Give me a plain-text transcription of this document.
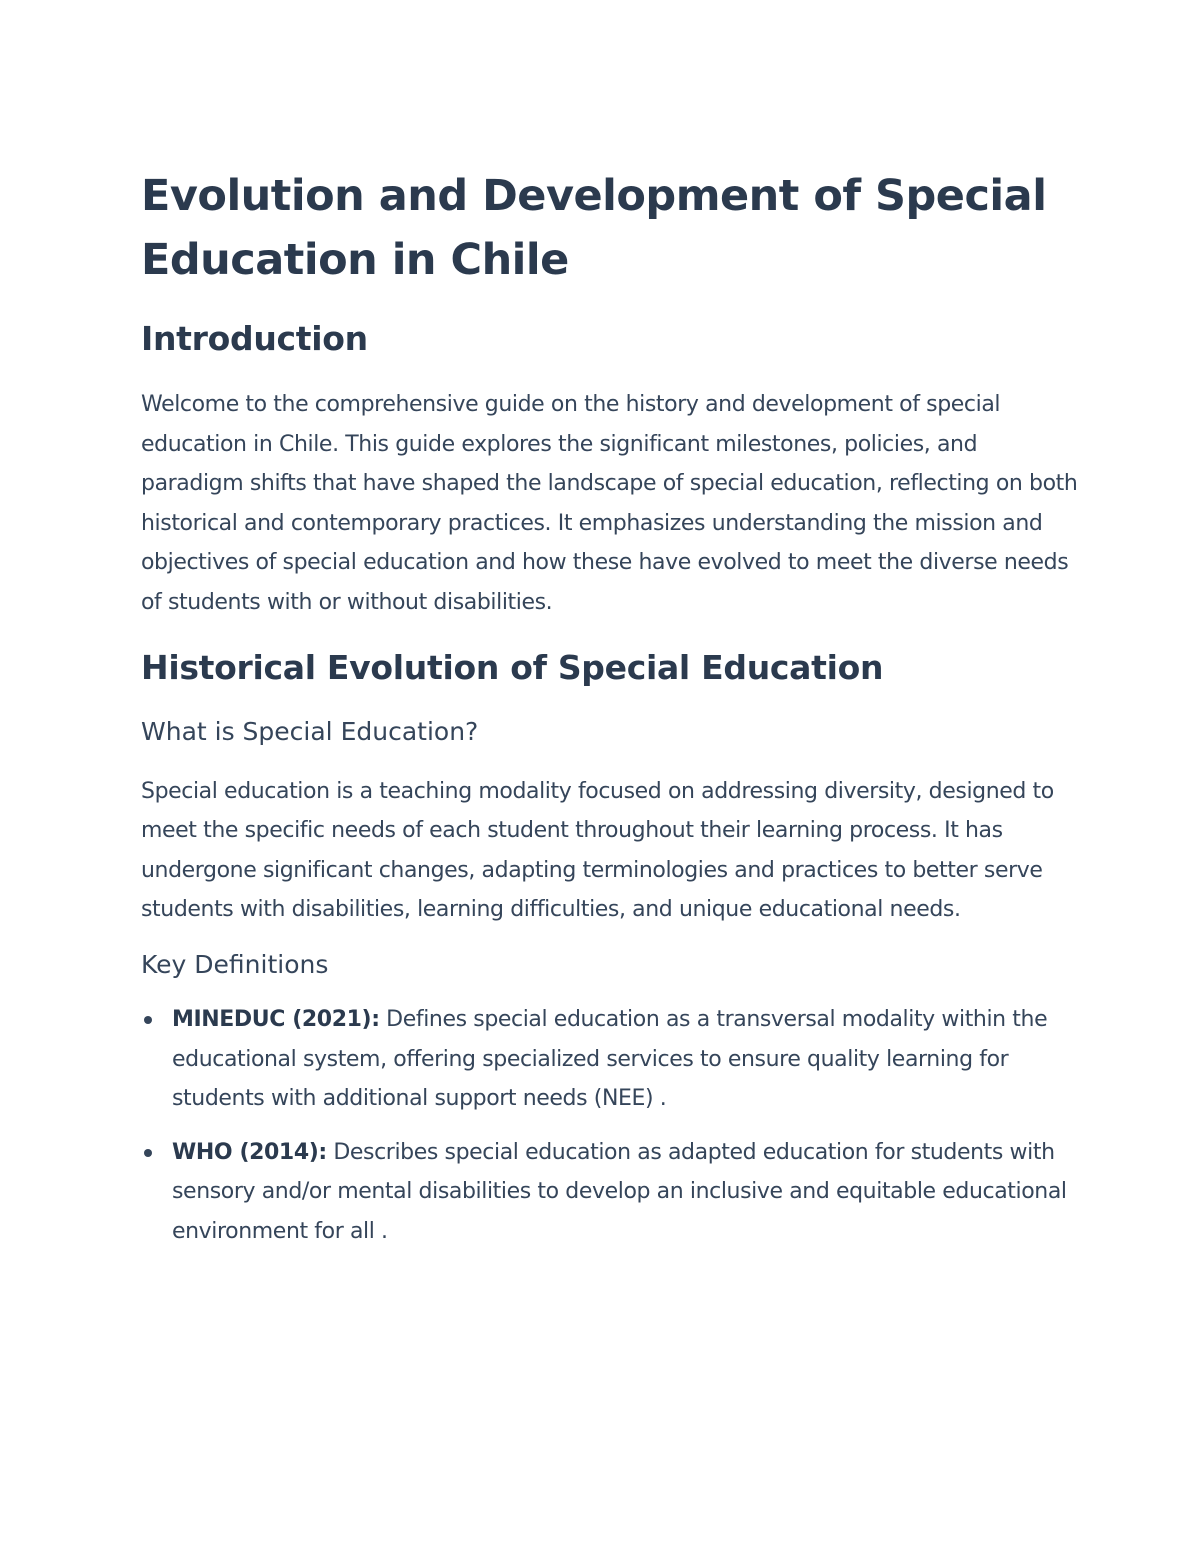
Evolution and Development of Special Education in Chile
Introduction

Welcome to the comprehensive guide on the history and development of special education in Chile. This guide explores the significant milestones, policies, and paradigm shifts that have shaped the landscape of special education, reflecting on both historical and contemporary practices. It emphasizes understanding the mission and objectives of special education and how these have evolved to meet the diverse needs of students with or without disabilities.

Historical Evolution of Special Education
What is Special Education?

Special education is a teaching modality focused on addressing diversity, designed to meet the specific needs of each student throughout their learning process. It has undergone significant changes, adapting terminologies and practices to better serve students with disabilities, learning difficulties, and unique educational needs.

Key Definitions
MINEDUC (2021): Defines special education as a transversal modality within the educational system, offering specialized services to ensure quality learning for students with additional support needs (NEE) .
WHO (2014): Describes special education as adapted education for students with sensory and/or mental disabilities to develop an inclusive and equitable educational environment for all .
